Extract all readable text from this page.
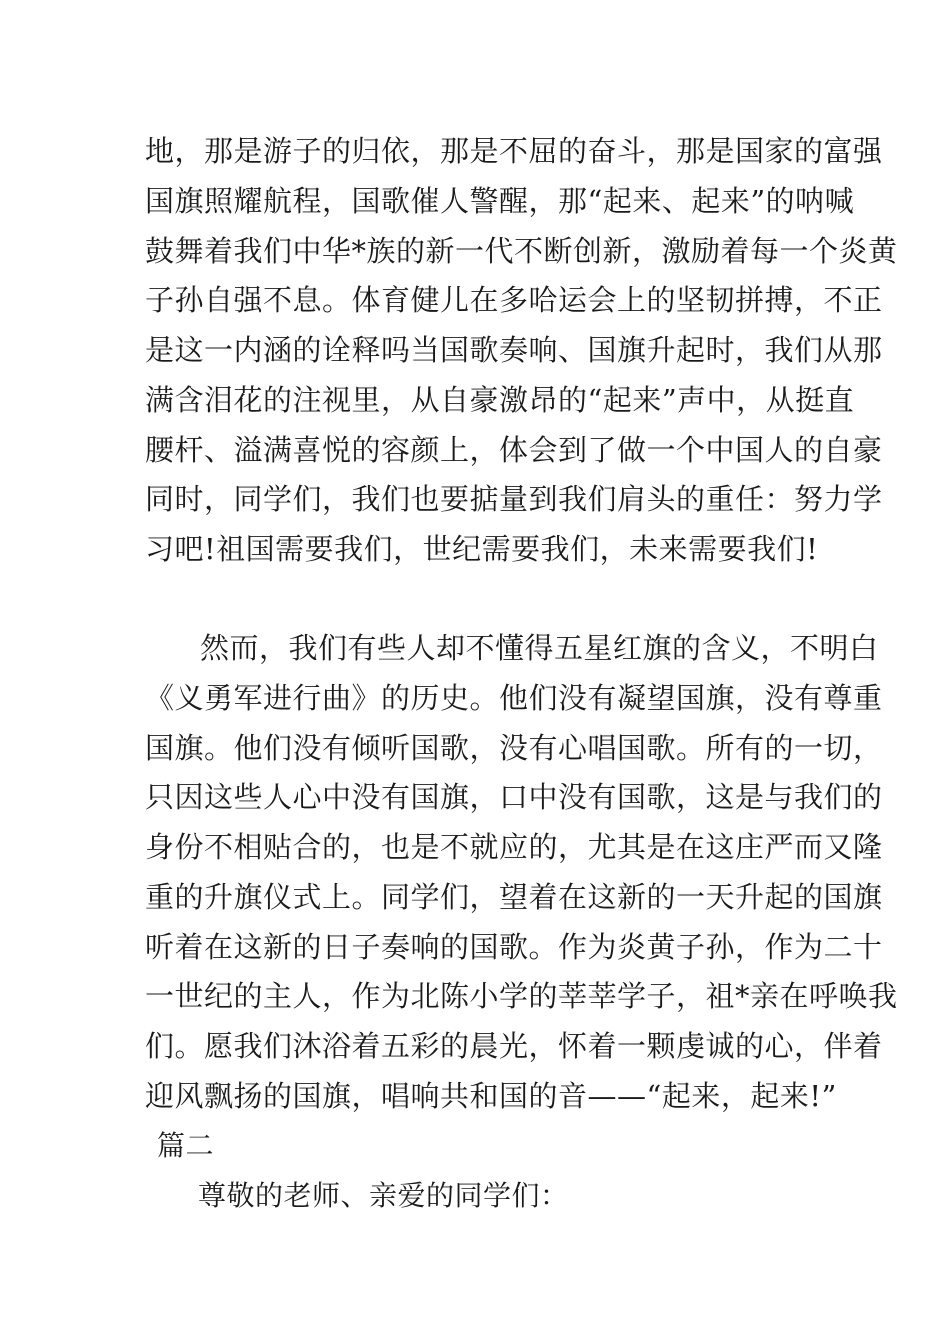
地，那是游子的归依，那是不屈的奋斗，那是国家的富强
国旗照耀航程，国歌催人警醒，那“起来、起来”的呐喊
鼓舞着我们中华*族的新一代不断创新，激励着每一个炎黄
子孙自强不息。体育健儿在多哈运会上的坚韧拼搏，不正
是这一内涵的诠释吗当国歌奏响、国旗升起时，我们从那
满含泪花的注视里，从自豪激昂的“起来”声中，从挺直
腰杆、溢满喜悦的容颜上，体会到了做一个中国人的自豪
同时，同学们，我们也要掂量到我们肩头的重任：努力学
习吧!祖国需要我们，世纪需要我们，未来需要我们!
然而，我们有些人却不懂得五星红旗的含义，不明白
《义勇军进行曲》的历史。他们没有凝望国旗，没有尊重
国旗。他们没有倾听国歌，没有心唱国歌。所有的一切，
只因这些人心中没有国旗，口中没有国歌，这是与我们的
身份不相贴合的，也是不就应的，尤其是在这庄严而又隆
重的升旗仪式上。同学们，望着在这新的一天升起的国旗
听着在这新的日子奏响的国歌。作为炎黄子孙，作为二十
一世纪的主人，作为北陈小学的莘莘学子，祖*亲在呼唤我
们。愿我们沐浴着五彩的晨光，怀着一颗虔诚的心，伴着
迎风飘扬的国旗，唱响共和国的音——“起来，起来!”
篇二
尊敬的老师、亲爱的同学们：
